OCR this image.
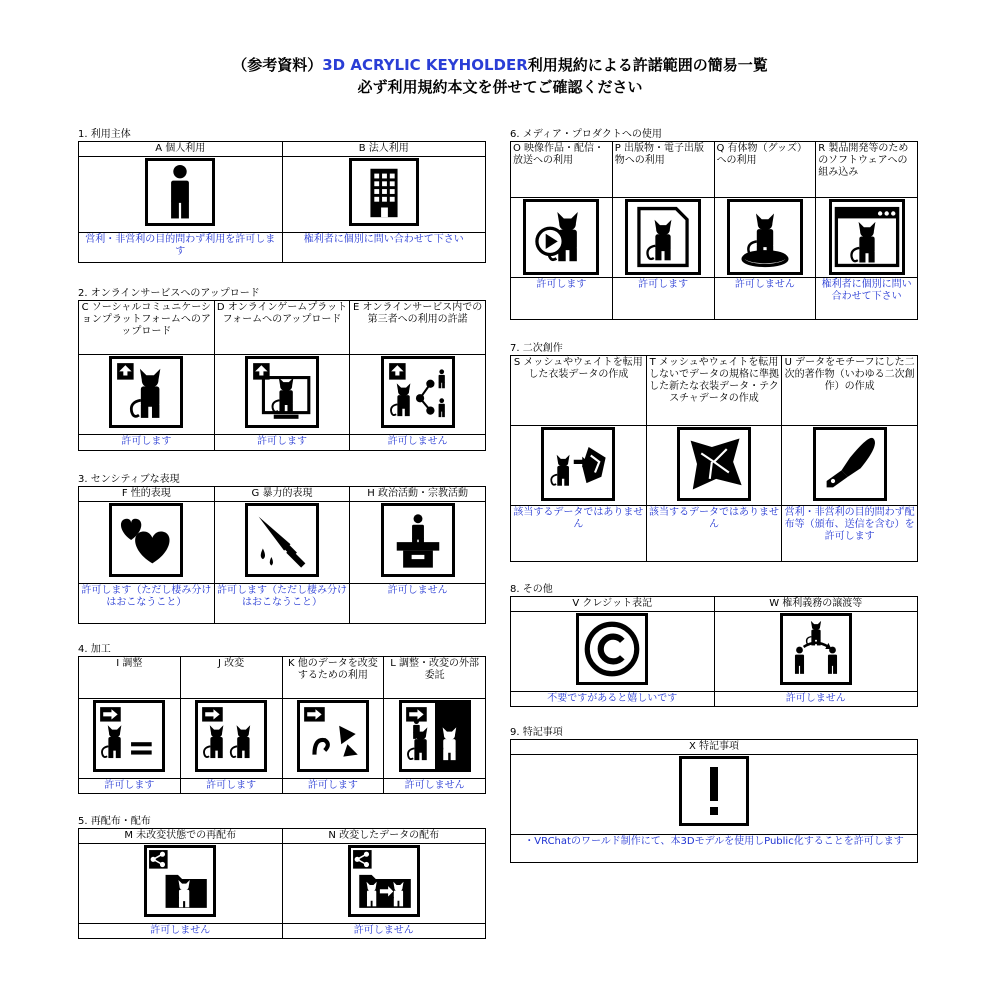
（参考資料）3D ACRYLIC KEYHOLDER利用規約による許諾範囲の簡易一覧
必ず利用規約本文を併せてご確認ください
1. 利用主体
A 個人利用	B 法人利用

営利・非営利の目的問わず利用を許可します	権利者に個別に問い合わせて下さい
2. オンラインサービスへのアップロード
C ソーシャルコミュニケーションプラットフォームへのアップロード	D オンラインゲームプラットフォームへのアップロード	E オンラインサービス内での第三者への利用の許諾

許可します	許可します	許可しません
3. センシティブな表現
F 性的表現	G 暴力的表現	H 政治活動・宗教活動

許可します（ただし棲み分けはおこなうこと）	許可します（ただし棲み分けはおこなうこと）	許可しません
4. 加工
I 調整	J 改変	K 他のデータを改変するための利用	L 調整・改変の外部委託

許可します	許可します	許可します	許可しません
5. 再配布・配布
M 未改変状態での再配布	N 改変したデータの配布

許可しません	許可しません
6. メディア・プロダクトへの使用
O 映像作品・配信・放送への利用	P 出版物・電子出版物への利用	Q 有体物（グッズ）への利用	R 製品開発等のためのソフトウェアへの組み込み

許可します	許可します	許可しません	権利者に個別に問い合わせて下さい
7. 二次創作
S メッシュやウェイトを転用した衣装データの作成	T メッシュやウェイトを転用しないでデータの規格に準拠した新たな衣装データ・テクスチャデータの作成	U データをモチーフにした二次的著作物（いわゆる二次創作）の作成

該当するデータではありません	該当するデータではありません	営利・非営利の目的問わず配布等（頒布、送信を含む）を許可します
8. その他
V クレジット表記	W 権利義務の譲渡等

不要ですがあると嬉しいです	許可しません
9. 特記事項
X 特記事項

・VRChatのワールド制作にて、本3Dモデルを使用しPublic化することを許可します
